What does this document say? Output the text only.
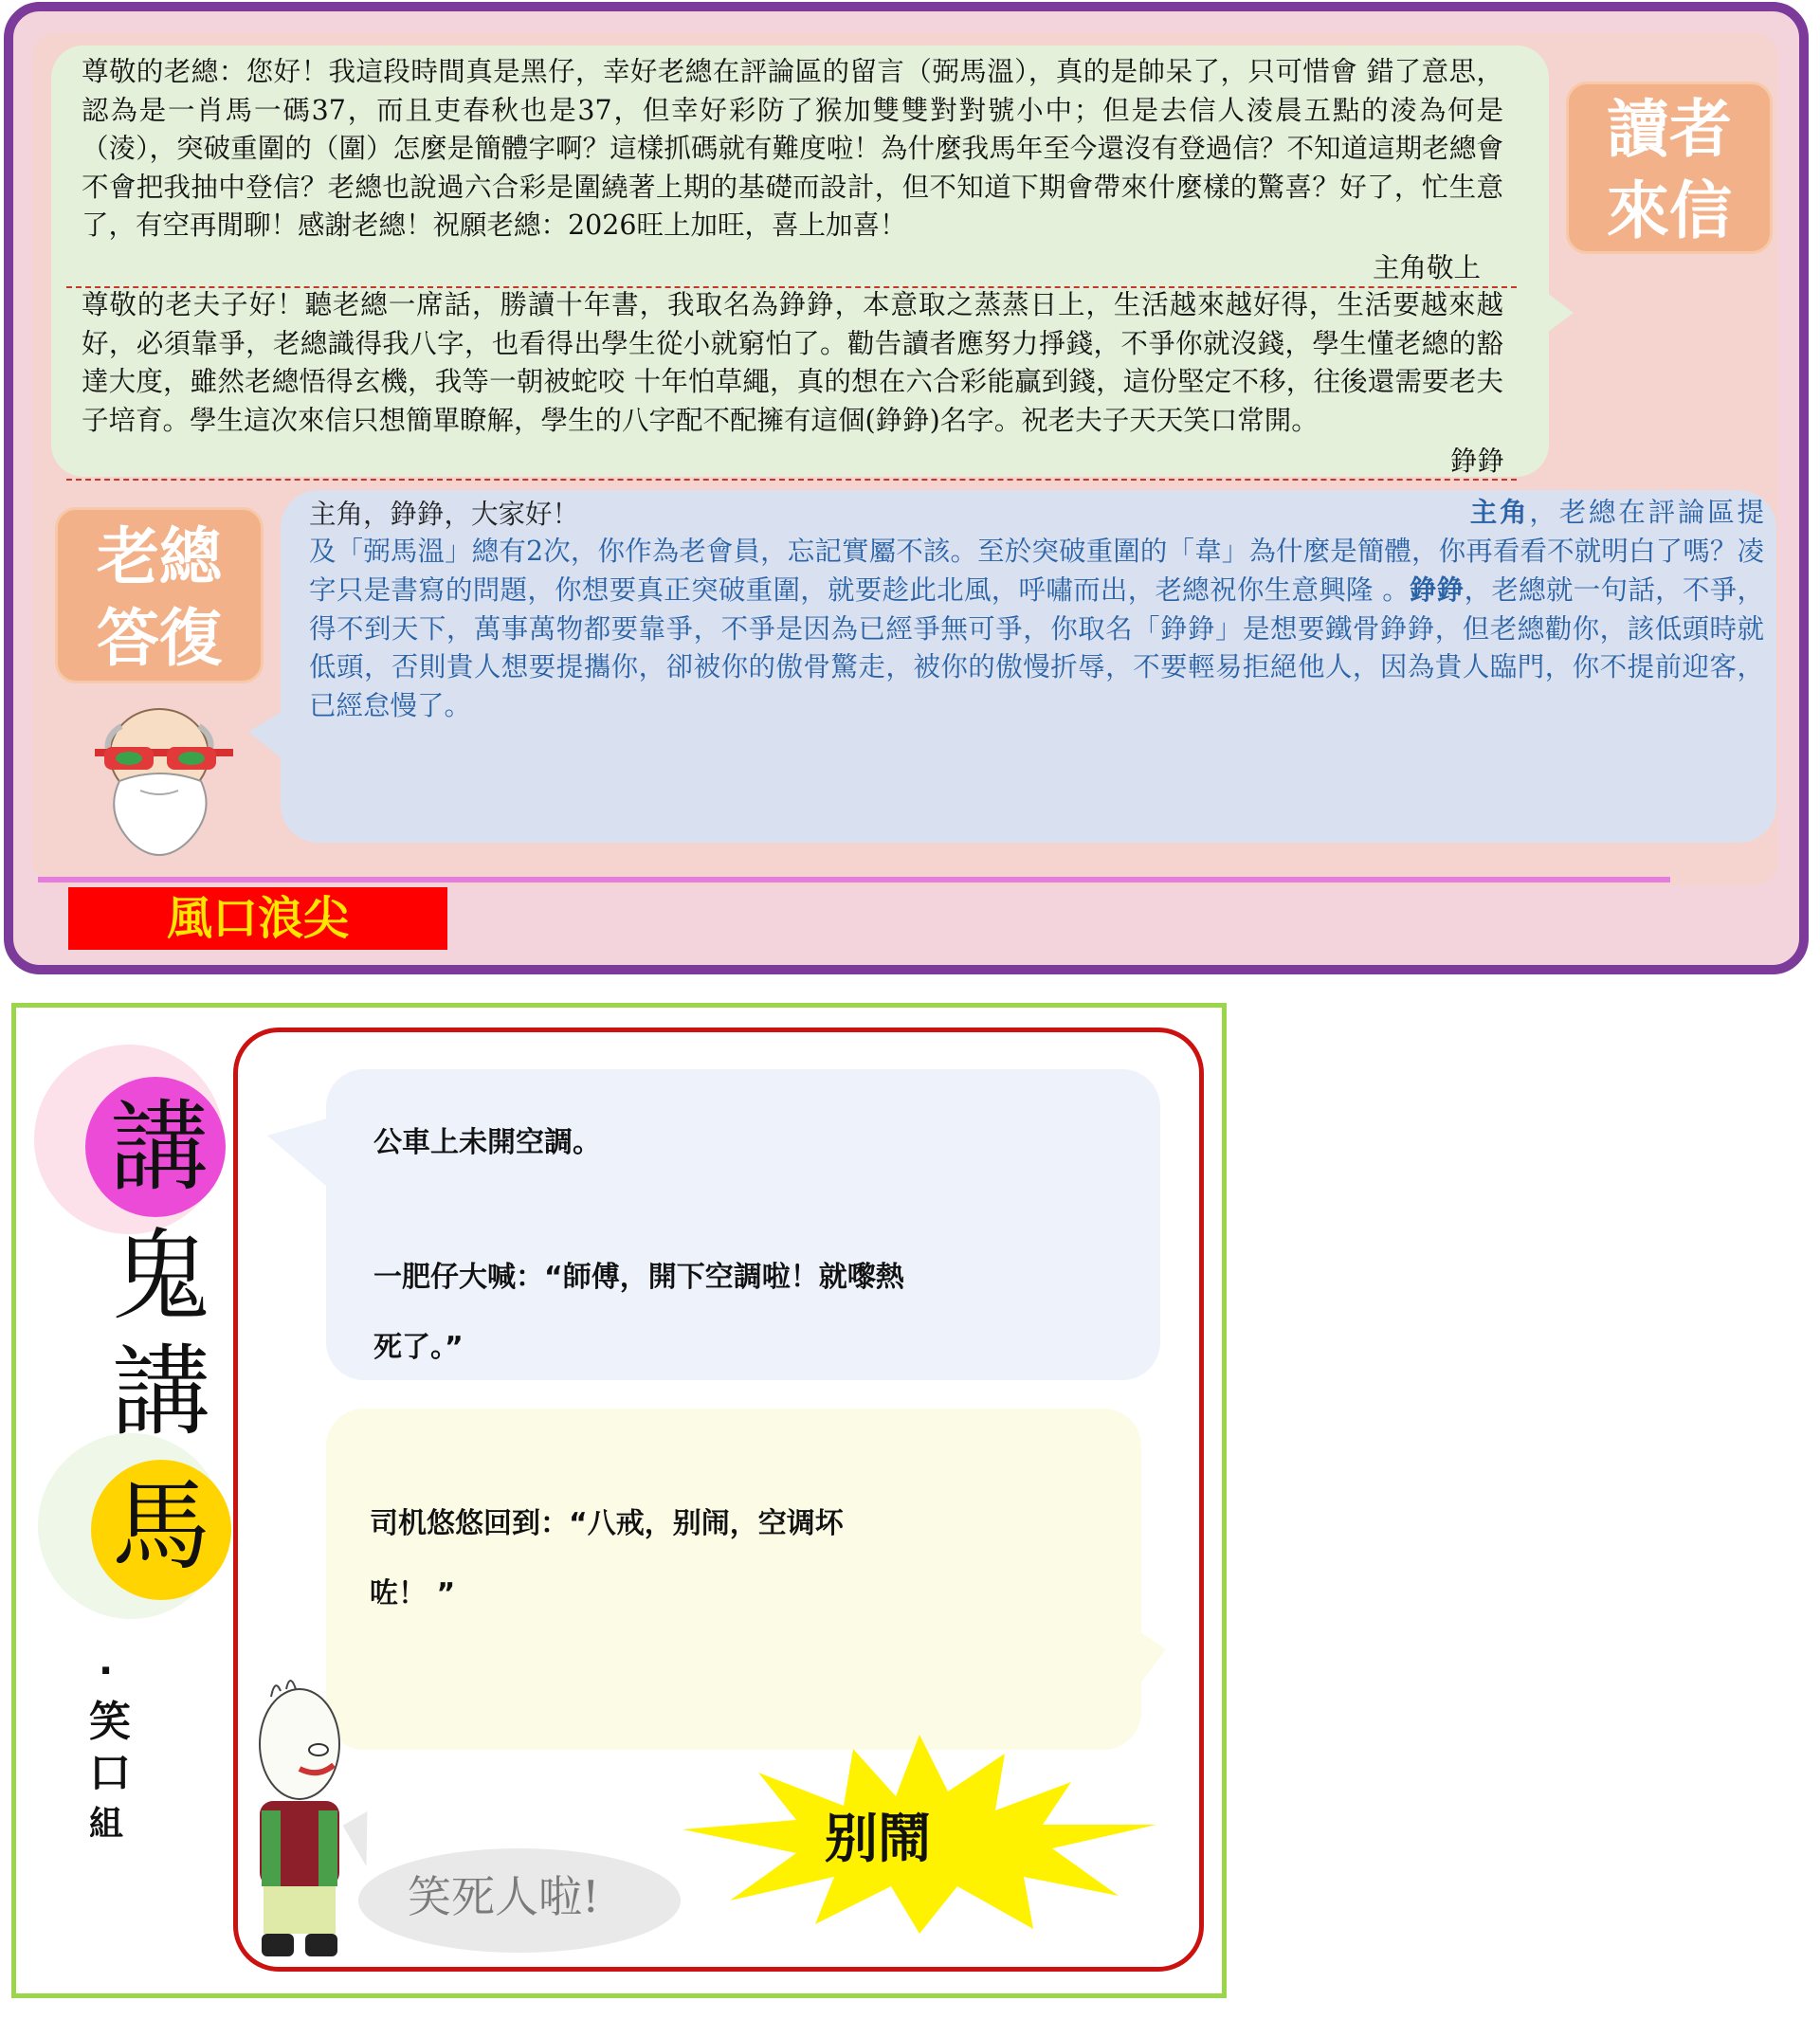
尊敬的老總：您好！我這段時間真是黑仔，幸好老總在評論區的留言（弼馬溫），真的是帥呆了，只可惜會 錯了意思，認為是一肖馬一碼37，而且吏春秋也是37，但幸好彩防了猴加雙雙對對號小中；但是去信人淩晨五點的淩為何是（淩），突破重圍的（圍）怎麼是簡體字啊？這樣抓碼就有難度啦！為什麼我馬年至今還沒有登過信？不知道這期老總會不會把我抽中登信？老總也說過六合彩是圍繞著上期的基礎而設計，但不知道下期會帶來什麼樣的驚喜？好了，忙生意了，有空再閒聊！感謝老總！祝願老總：2026旺上加旺，喜上加喜！

主角敬上

尊敬的老夫子好！聽老總一席話，勝讀十年書，我取名為錚錚，本意取之蒸蒸日上，生活越來越好得，生活要越來越好，必須靠爭，老總識得我八字，也看得出學生從小就窮怕了。勸告讀者應努力掙錢，不爭你就沒錢，學生懂老總的豁達大度，雖然老總悟得玄機，我等一朝被蛇咬 十年怕草繩，真的想在六合彩能贏到錢，這份堅定不移，往後還需要老夫子培育。學生這次來信只想簡單瞭解，學生的八字配不配擁有這個(錚錚)名字。祝老夫子天天笑口常開。

錚錚
讀者
來信
主角，錚錚，大家好！	主角，老總在評論區提及「弼馬溫」總有2次，你作為老會員，忘記實屬不該。至於突破重圍的「韋」為什麼是簡體，你再看看不就明白了嗎？凌字只是書寫的問題，你想要真正突破重圍，就要趁此北風，呼嘯而出，老總祝你生意興隆 。錚錚，老總就一句話，不爭，得不到天下，萬事萬物都要靠爭，不爭是因為已經爭無可爭，你取名「錚錚」是想要鐵骨錚錚，但老總勸你，該低頭時就低頭，否則貴人想要提攜你，卻被你的傲骨驚走，被你的傲慢折辱，不要輕易拒絕他人，因為貴人臨門，你不提前迎客，已經怠慢了。

老總
答復
風口浪尖
講
鬼
講
馬
·
笑
口
組
公車上未開空調。
一肥仔大喊：“師傅，開下空調啦！就嚟熱
死了。”
司机悠悠回到：“八戒，别闹，空调坏
咗！ ”
别鬧
笑死人啦!
